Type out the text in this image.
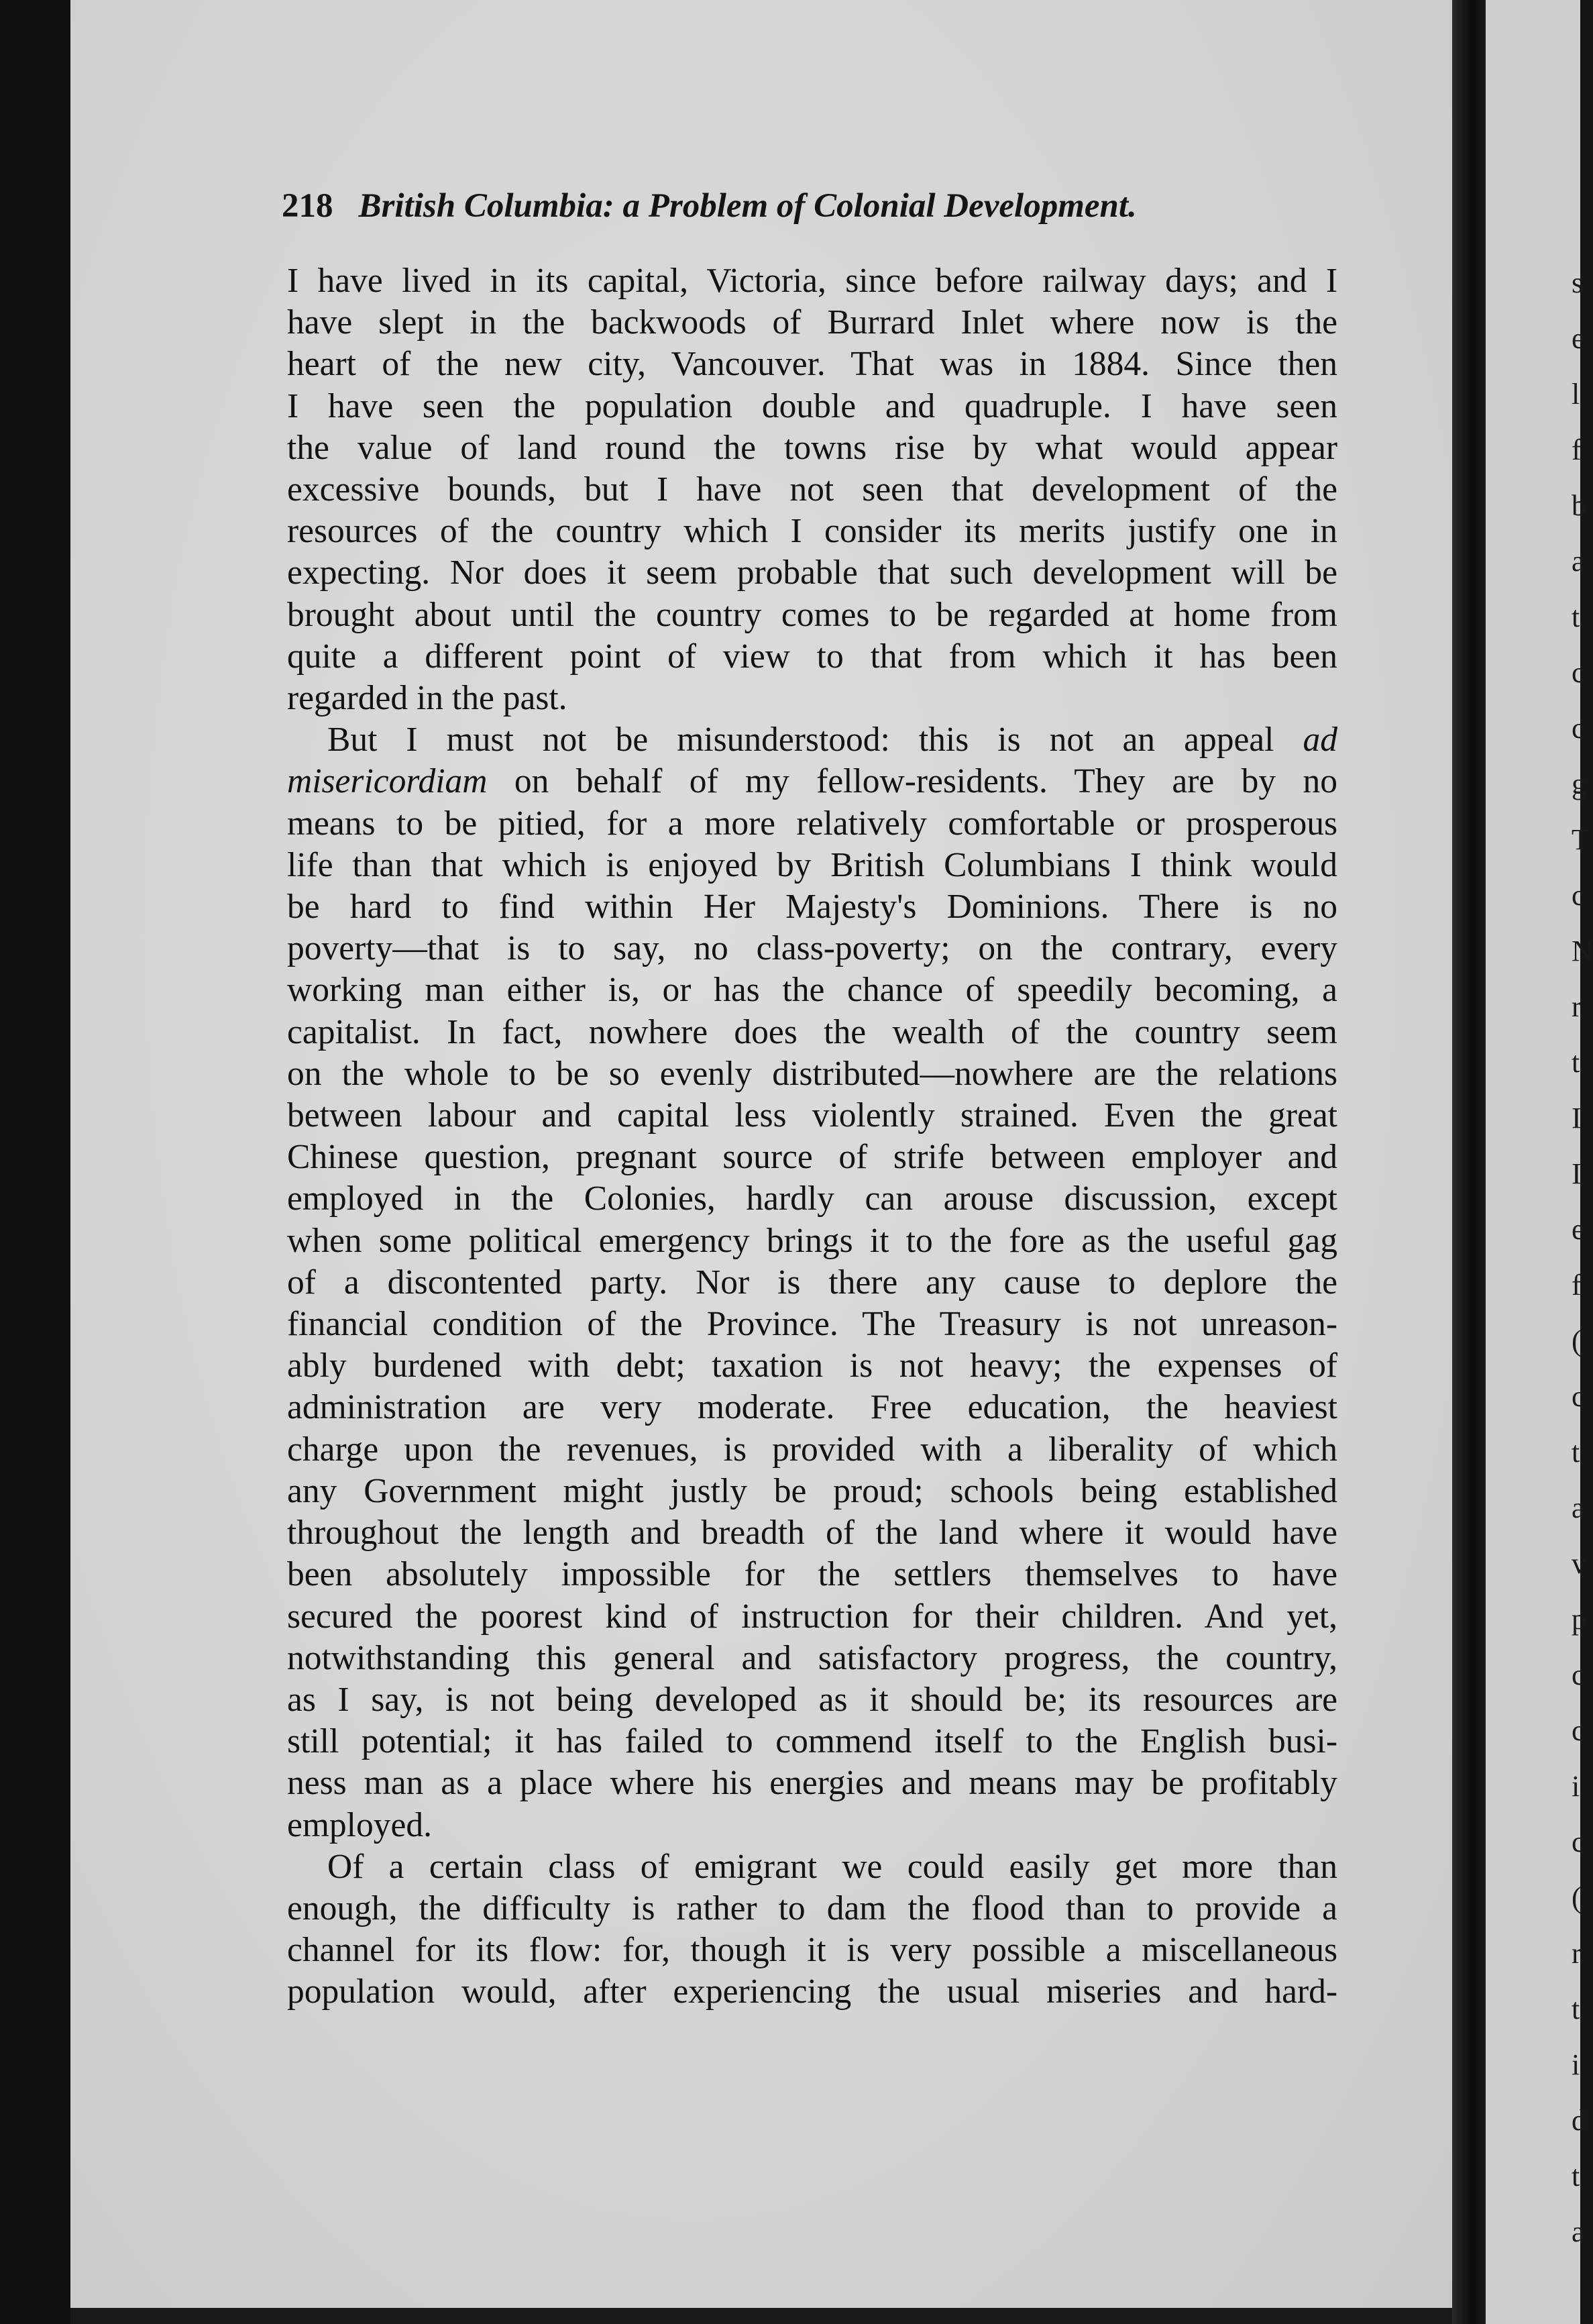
s
e
l
f
b
a
t
c
c
g
T
c
N
r
t
I
I
e
f
(
c
t
a
v
p
c
c
i
c
(
r
t
i
d
t
a
218 British Columbia: a Problem of Colonial Development.

I have lived in its capital, Victoria, since before railway days; and I
have slept in the backwoods of Burrard Inlet where now is the
heart of the new city, Vancouver. That was in 1884. Since then
I have seen the population double and quadruple. I have seen
the value of land round the towns rise by what would appear
excessive bounds, but I have not seen that development of the
resources of the country which I consider its merits justify one in
expecting. Nor does it seem probable that such development will be
brought about until the country comes to be regarded at home from
quite a different point of view to that from which it has been
regarded in the past.

But I must not be misunderstood: this is not an appeal ad
misericordiam on behalf of my fellow-residents. They are by no
means to be pitied, for a more relatively comfortable or prosperous
life than that which is enjoyed by British Columbians I think would
be hard to find within Her Majesty's Dominions. There is no
poverty—that is to say, no class-poverty; on the contrary, every
working man either is, or has the chance of speedily becoming, a
capitalist. In fact, nowhere does the wealth of the country seem
on the whole to be so evenly distributed—nowhere are the relations
between labour and capital less violently strained. Even the great
Chinese question, pregnant source of strife between employer and
employed in the Colonies, hardly can arouse discussion, except
when some political emergency brings it to the fore as the useful gag
of a discontented party. Nor is there any cause to deplore the
financial condition of the Province. The Treasury is not unreason-
ably burdened with debt; taxation is not heavy; the expenses of
administration are very moderate. Free education, the heaviest
charge upon the revenues, is provided with a liberality of which
any Government might justly be proud; schools being established
throughout the length and breadth of the land where it would have
been absolutely impossible for the settlers themselves to have
secured the poorest kind of instruction for their children. And yet,
notwithstanding this general and satisfactory progress, the country,
as I say, is not being developed as it should be; its resources are
still potential; it has failed to commend itself to the English busi-
ness man as a place where his energies and means may be profitably
employed.

Of a certain class of emigrant we could easily get more than
enough, the difficulty is rather to dam the flood than to provide a
channel for its flow: for, though it is very possible a miscellaneous
population would, after experiencing the usual miseries and hard-
